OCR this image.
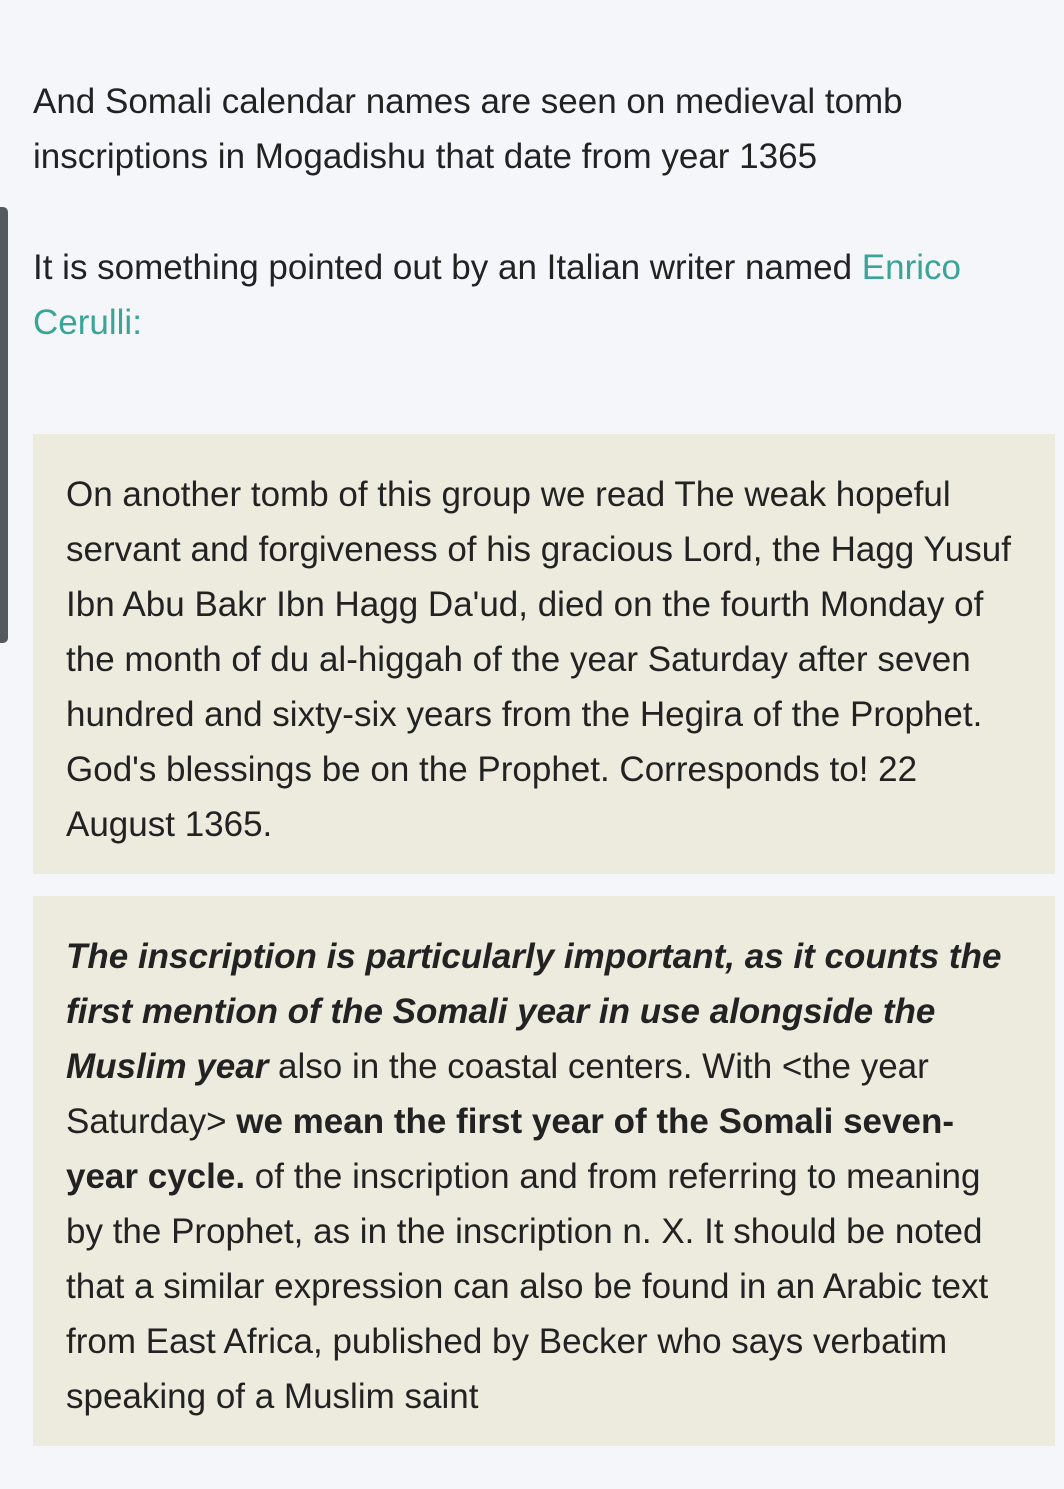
And Somali calendar names are seen on medieval tomb inscriptions in Mogadishu that date from year 1365

It is something pointed out by an Italian writer named Enrico Cerulli:

On another tomb of this group we read The weak hopeful servant and forgiveness of his gracious Lord, the Hagg Yusuf Ibn Abu Bakr Ibn Hagg Da'ud, died on the fourth Monday of the month of du al-higgah of the year Saturday after seven hundred and sixty-six years from the Hegira of the Prophet. God's blessings be on the Prophet. Corresponds to! 22 August 1365.

The inscription is particularly important, as it counts the first mention of the Somali year in use alongside the Muslim year also in the coastal centers. With <the year Saturday> we mean the first year of the Somali seven-year cycle. of the inscription and from referring to meaning by the Prophet, as in the inscription n. X. It should be noted that a similar expression can also be found in an Arabic text from East Africa, published by Becker who says verbatim speaking of a Muslim saint
